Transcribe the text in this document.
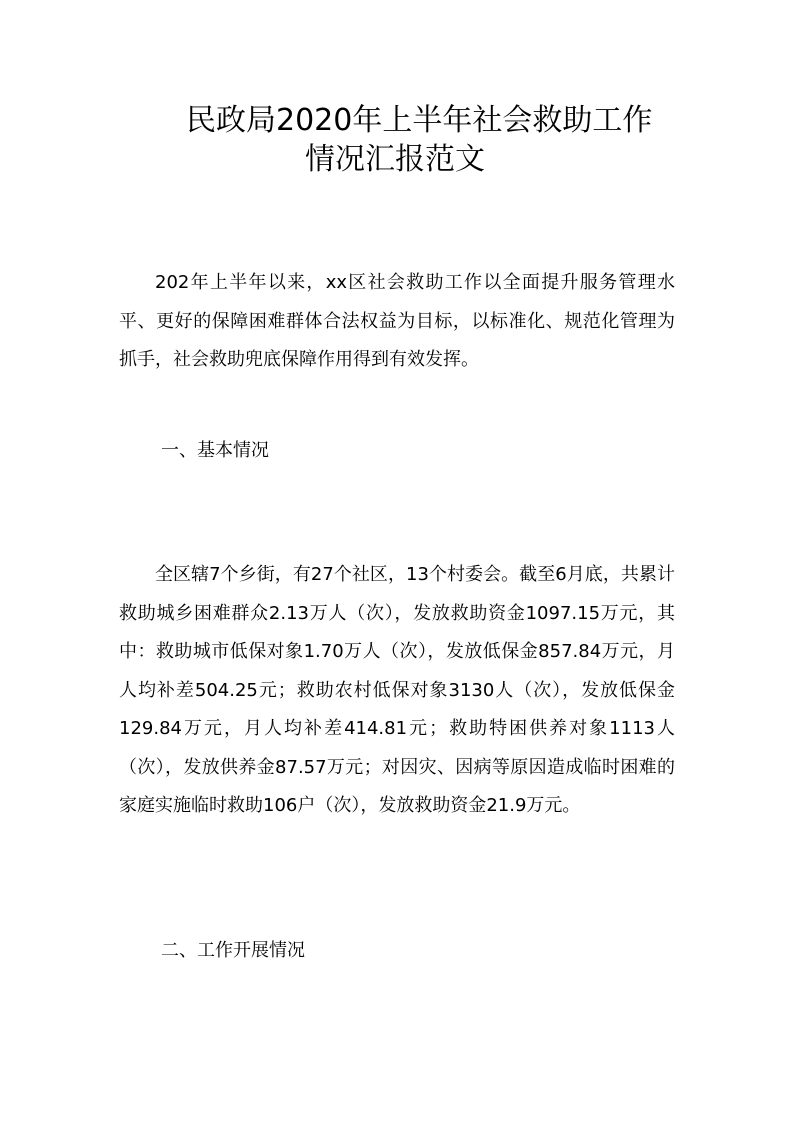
民政局2020年上半年社会救助工作
情况汇报范文

202年上半年以来，xx区社会救助工作以全面提升服务管理水平、更好的保障困难群体合法权益为目标，以标准化、规范化管理为抓手，社会救助兜底保障作用得到有效发挥。

一、基本情况

全区辖7个乡街，有27个社区，13个村委会。截至6月底，共累计救助城乡困难群众2.13万人（次），发放救助资金1097.15万元，其中：救助城市低保对象1.70万人（次），发放低保金857.84万元，月人均补差504.25元；救助农村低保对象3130人（次），发放低保金129.84万元，月人均补差414.81元；救助特困供养对象1113人（次），发放供养金87.57万元；对因灾、因病等原因造成临时困难的家庭实施临时救助106户（次），发放救助资金21.9万元。

二、工作开展情况
